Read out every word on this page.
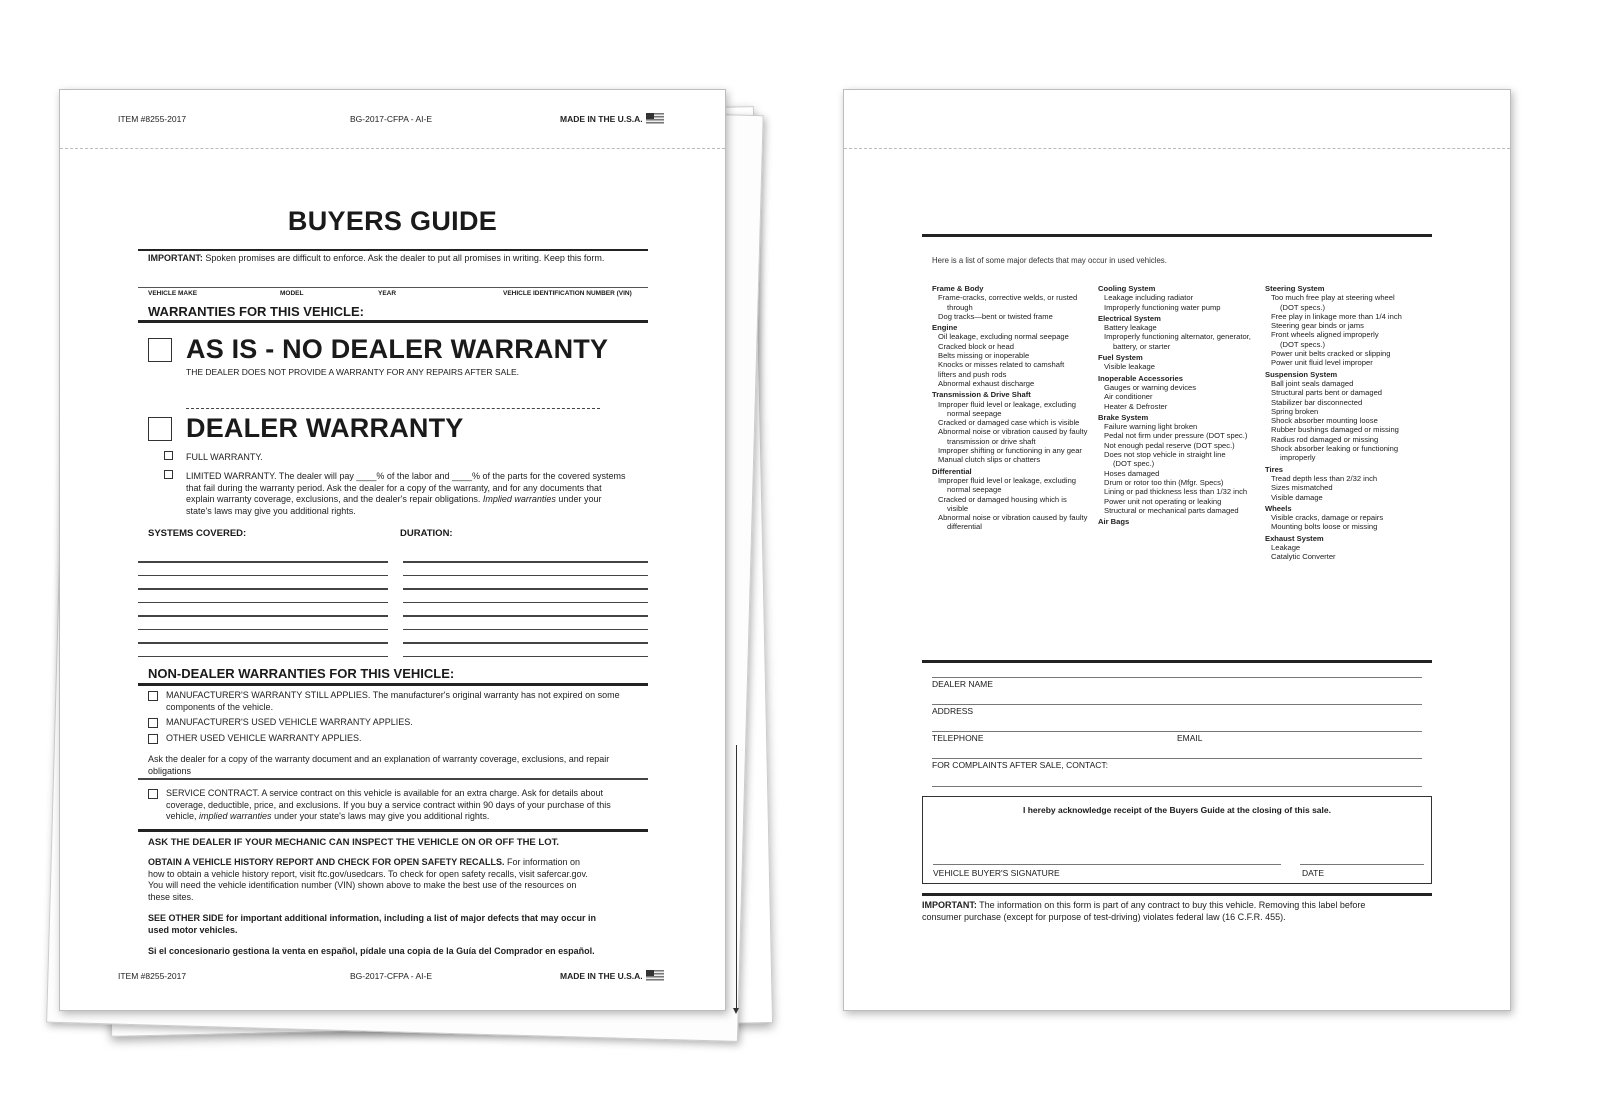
ITEM #8255-2017	BG-2017-CFPA - AI-E	MADE IN THE U.S.A.
BUYERS GUIDE
IMPORTANT: Spoken promises are difficult to enforce. Ask the dealer to put all promises in writing. Keep this form.
VEHICLE MAKE	MODEL	YEAR	VEHICLE IDENTIFICATION NUMBER (VIN)
WARRANTIES FOR THIS VEHICLE:
AS IS - NO DEALER WARRANTY
THE DEALER DOES NOT PROVIDE A WARRANTY FOR ANY REPAIRS AFTER SALE.
DEALER WARRANTY
FULL WARRANTY.
LIMITED WARRANTY. The dealer will pay ____% of the labor and ____% of the parts for the covered systems
that fail during the warranty period. Ask the dealer for a copy of the warranty, and for any documents that
explain warranty coverage, exclusions, and the dealer's repair obligations. Implied warranties under your
state's laws may give you additional rights.
SYSTEMS COVERED:	DURATION:
NON-DEALER WARRANTIES FOR THIS VEHICLE:
MANUFACTURER'S WARRANTY STILL APPLIES. The manufacturer's original warranty has not expired on some
components of the vehicle.
MANUFACTURER'S USED VEHICLE WARRANTY APPLIES.
OTHER USED VEHICLE WARRANTY APPLIES.
Ask the dealer for a copy of the warranty document and an explanation of warranty coverage, exclusions, and repair
obligations
SERVICE CONTRACT. A service contract on this vehicle is available for an extra charge. Ask for details about
coverage, deductible, price, and exclusions. If you buy a service contract within 90 days of your purchase of this
vehicle, implied warranties under your state's laws may give you additional rights.
ASK THE DEALER IF YOUR MECHANIC CAN INSPECT THE VEHICLE ON OR OFF THE LOT.
OBTAIN A VEHICLE HISTORY REPORT AND CHECK FOR OPEN SAFETY RECALLS. For information on
how to obtain a vehicle history report, visit ftc.gov/usedcars. To check for open safety recalls, visit safercar.gov.
You will need the vehicle identification number (VIN) shown above to make the best use of the resources on
these sites.
SEE OTHER SIDE for important additional information, including a list of major defects that may occur in
used motor vehicles.
Si el concesionario gestiona la venta en español, pídale una copia de la Guía del Comprador en español.
ITEM #8255-2017	BG-2017-CFPA - AI-E	MADE IN THE U.S.A.
Here is a list of some major defects that may occur in used vehicles.
Frame & Body
Frame-cracks, corrective welds, or rusted
through
Dog tracks—bent or twisted frame
Engine
Oil leakage, excluding normal seepage
Cracked block or head
Belts missing or inoperable
Knocks or misses related to camshaft
lifters and push rods
Abnormal exhaust discharge
Transmission & Drive Shaft
Improper fluid level or leakage, excluding
normal seepage
Cracked or damaged case which is visible
Abnormal noise or vibration caused by faulty
transmission or drive shaft
Improper shifting or functioning in any gear
Manual clutch slips or chatters
Differential
Improper fluid level or leakage, excluding
normal seepage
Cracked or damaged housing which is
visible
Abnormal noise or vibration caused by faulty
differential
Cooling System
Leakage including radiator
Improperly functioning water pump
Electrical System
Battery leakage
Improperly functioning alternator, generator,
battery, or starter
Fuel System
Visible leakage
Inoperable Accessories
Gauges or warning devices
Air conditioner
Heater & Defroster
Brake System
Failure warning light broken
Pedal not firm under pressure (DOT spec.)
Not enough pedal reserve (DOT spec.)
Does not stop vehicle in straight line
(DOT spec.)
Hoses damaged
Drum or rotor too thin (Mfgr. Specs)
Lining or pad thickness less than 1/32 inch
Power unit not operating or leaking
Structural or mechanical parts damaged
Air Bags
Steering System
Too much free play at steering wheel
(DOT specs.)
Free play in linkage more than 1/4 inch
Steering gear binds or jams
Front wheels aligned improperly
(DOT specs.)
Power unit belts cracked or slipping
Power unit fluid level improper
Suspension System
Ball joint seals damaged
Structural parts bent or damaged
Stabilizer bar disconnected
Spring broken
Shock absorber mounting loose
Rubber bushings damaged or missing
Radius rod damaged or missing
Shock absorber leaking or functioning
improperly
Tires
Tread depth less than 2/32 inch
Sizes mismatched
Visible damage
Wheels
Visible cracks, damage or repairs
Mounting bolts loose or missing
Exhaust System
Leakage
Catalytic Converter
DEALER NAME
ADDRESS
TELEPHONE	EMAIL
FOR COMPLAINTS AFTER SALE, CONTACT:
I hereby acknowledge receipt of the Buyers Guide at the closing of this sale.
VEHICLE BUYER'S SIGNATURE	DATE
IMPORTANT: The information on this form is part of any contract to buy this vehicle. Removing this label before
consumer purchase (except for purpose of test-driving) violates federal law (16 C.F.R. 455).
